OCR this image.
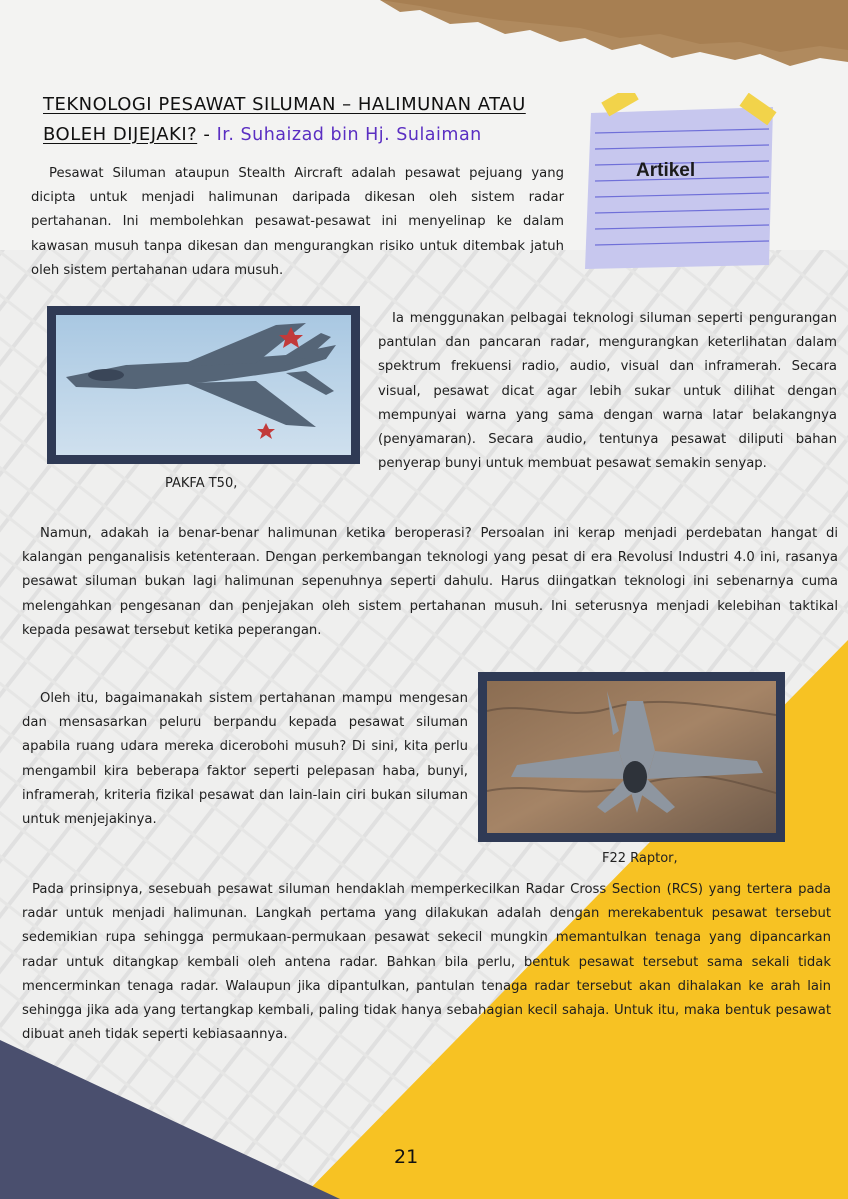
TEKNOLOGI PESAWAT SILUMAN – HALIMUNAN ATAU
BOLEH DIJEJAKI? - Ir. Suhaizad bin Hj. Sulaiman
Artikel

Pesawat Siluman ataupun Stealth Aircraft adalah pesawat pejuang yang dicipta untuk menjadi halimunan daripada dikesan oleh sistem radar pertahanan. Ini membolehkan pesawat-pesawat ini menyelinap ke dalam kawasan musuh tanpa dikesan dan mengurangkan risiko untuk ditembak jatuh oleh sistem pertahanan udara musuh.

Ia menggunakan pelbagai teknologi siluman seperti pengurangan pantulan dan pancaran radar, mengurangkan keterlihatan dalam spektrum frekuensi radio, audio, visual dan inframerah. Secara visual, pesawat dicat agar lebih sukar untuk dilihat dengan mempunyai warna yang sama dengan warna latar belakangnya (penyamaran). Secara audio, tentunya pesawat diliputi bahan penyerap bunyi untuk membuat pesawat semakin senyap.

Namun, adakah ia benar-benar halimunan ketika beroperasi? Persoalan ini kerap menjadi perdebatan hangat di kalangan penganalisis ketenteraan. Dengan perkembangan teknologi yang pesat di era Revolusi Industri 4.0 ini, rasanya pesawat siluman bukan lagi halimunan sepenuhnya seperti dahulu. Harus diingatkan teknologi ini sebenarnya cuma melengahkan pengesanan dan penjejakan oleh sistem pertahanan musuh. Ini seterusnya menjadi kelebihan taktikal kepada pesawat tersebut ketika peperangan.

Oleh itu, bagaimanakah sistem pertahanan mampu mengesan dan mensasarkan peluru berpandu kepada pesawat siluman apabila ruang udara mereka dicerobohi musuh? Di sini, kita perlu mengambil kira beberapa faktor seperti pelepasan haba, bunyi, inframerah, kriteria fizikal pesawat dan lain-lain ciri bukan siluman untuk menjejakinya.

Pada prinsipnya, sesebuah pesawat siluman hendaklah memperkecilkan Radar Cross Section (RCS) yang tertera pada radar untuk menjadi halimunan. Langkah pertama yang dilakukan adalah dengan merekabentuk pesawat tersebut sedemikian rupa sehingga permukaan-permukaan pesawat sekecil mungkin memantulkan tenaga yang dipancarkan radar untuk ditangkap kembali oleh antena radar. Bahkan bila perlu, bentuk pesawat tersebut sama sekali tidak mencerminkan tenaga radar. Walaupun jika dipantulkan, pantulan tenaga radar tersebut akan dihalakan ke arah lain sehingga jika ada yang tertangkap kembali, paling tidak hanya sebahagian kecil sahaja. Untuk itu, maka bentuk pesawat dibuat aneh tidak seperti kebiasaannya.

PAKFA T50,
F22 Raptor,
21
